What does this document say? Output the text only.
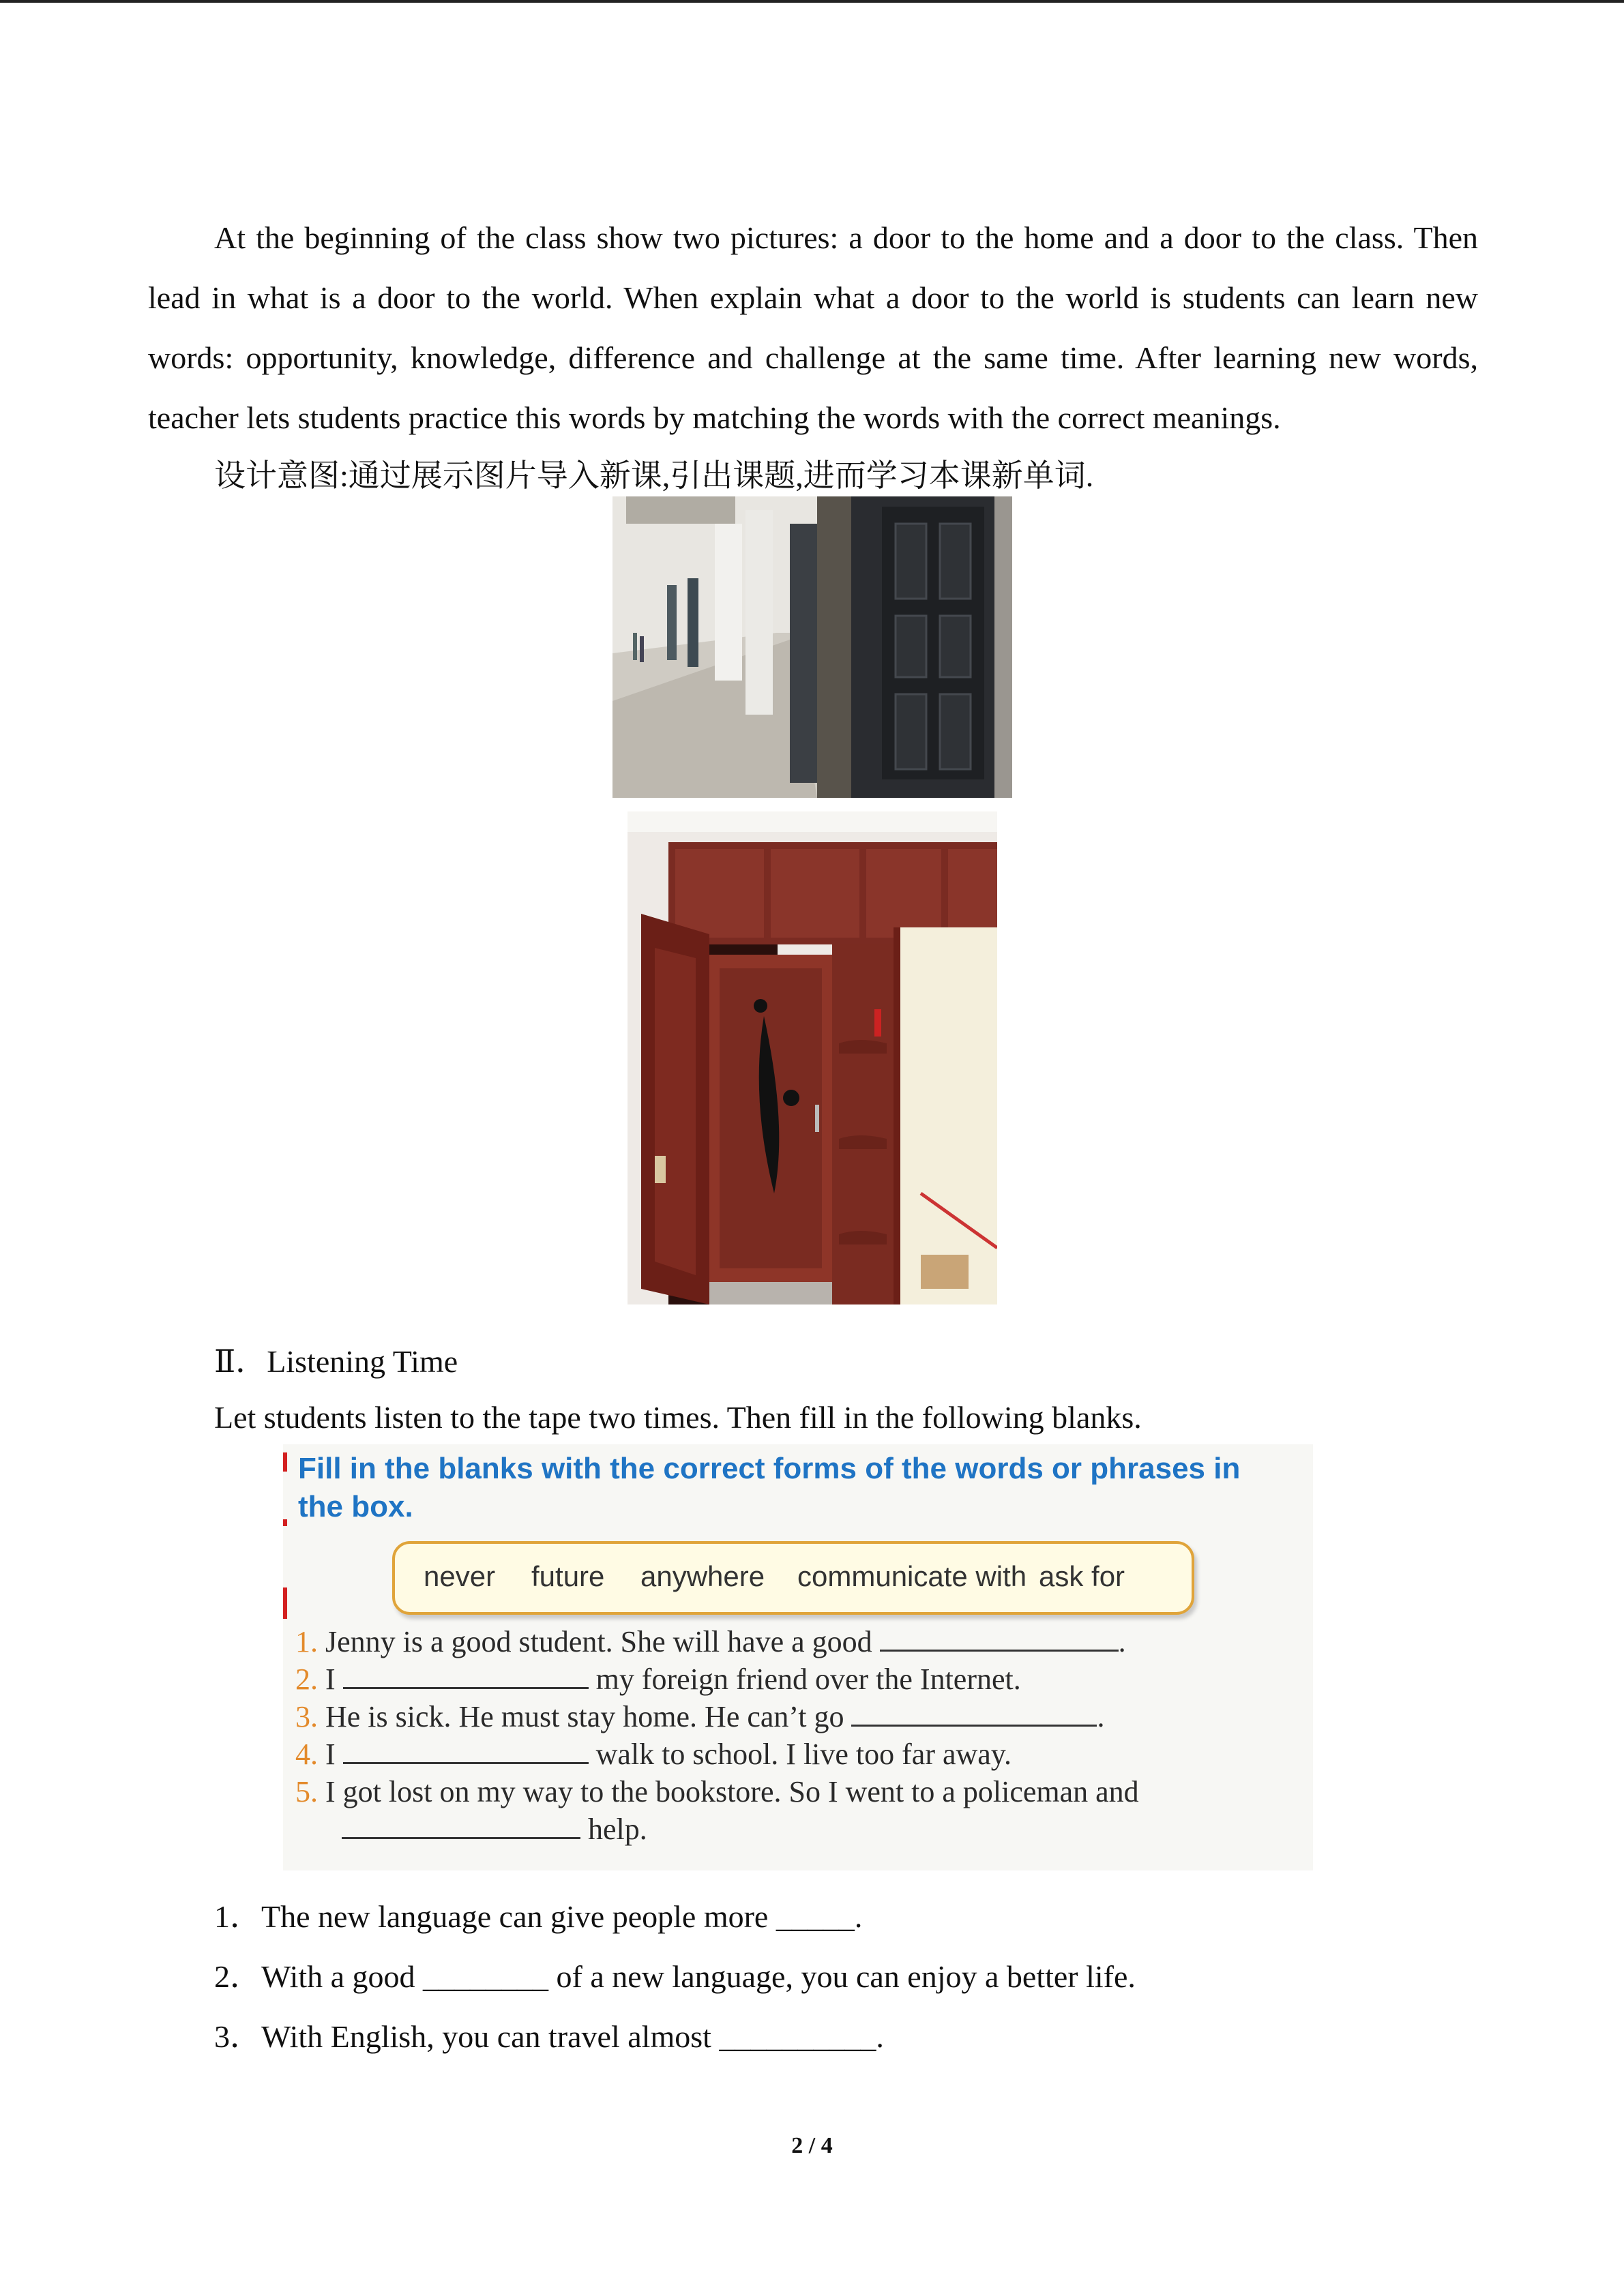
At the beginning of the class show two pictures: a door to the home and a door to the class. Then lead in what is a door to the world. When explain what a door to the world is students can learn new words: opportunity, knowledge, difference and challenge at the same time. After learning new words, teacher lets students practice this words by matching the words with the correct meanings.

设计意图:通过展示图片导入新课,引出课题,进而学习本课新单词.
Ⅱ．Listening Time
Let students listen to the tape two times. Then fill in the following blanks.
Fill in the blanks with the correct forms of the words or phrases in
the box.
never future anywhere communicate with ask for
1. Jenny is a good student. She will have a good	.
2. I	my foreign friend over the Internet.
3. He is sick. He must stay home. He can’t go	.
4. I	walk to school. I live too far away.
5. I got lost on my way to the bookstore. So I went to a policeman and
help.
1．The new language can give people more _____.
2．With a good ________ of a new language, you can enjoy a better life.
3．With English, you can travel almost __________.
2 / 4
